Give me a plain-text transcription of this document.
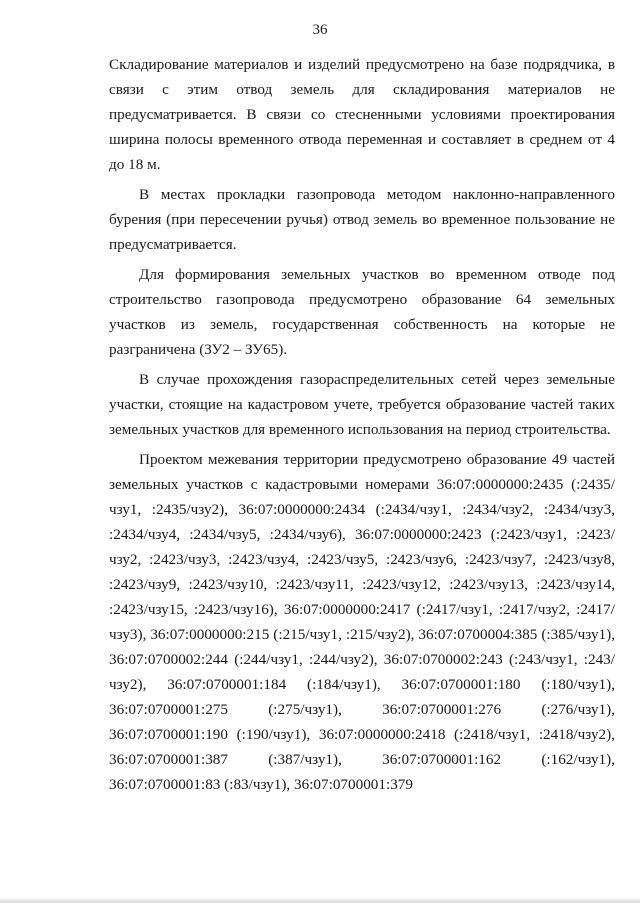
36

Складирование материалов и изделий предусмотрено на базе подрядчика, в связи с этим отвод земель для складирования материалов не предусматривается. В связи со стесненными условиями проектирования ширина полосы временного отвода переменная и составляет в среднем от 4 до 18 м.

В местах прокладки газопровода методом наклонно-направленного бурения (при пересечении ручья) отвод земель во временное пользование не предусматривается.

Для формирования земельных участков во временном отводе под строительство газопровода предусмотрено образование 64 земельных участков из земель, государственная собственность на которые не разграничена (ЗУ2 – ЗУ65).

В случае прохождения газораспределительных сетей через земельные участки, стоящие на кадастровом учете, требуется образование частей таких земельных участков для временного использования на период строительства.

Проектом межевания территории предусмотрено образование 49 частей земельных участков с кадастровыми номерами 36:07:0000000:2435 (:2435/чзу1, :2435/чзу2), 36:07:0000000:2434 (:2434/чзу1, :2434/чзу2, :2434/чзу3, :2434/чзу4, :2434/чзу5, :2434/чзу6), 36:07:0000000:2423 (:2423/чзу1, :2423/чзу2, :2423/чзу3, :2423/чзу4, :2423/чзу5, :2423/чзу6, :2423/чзу7, :2423/чзу8, :2423/чзу9, :2423/чзу10, :2423/чзу11, :2423/чзу12, :2423/чзу13, :2423/чзу14, :2423/чзу15, :2423/чзу16), 36:07:0000000:2417 (:2417/чзу1, :2417/чзу2, :2417/чзу3), 36:07:0000000:215 (:215/чзу1, :215/чзу2), 36:07:0700004:385 (:385/чзу1), 36:07:0700002:244 (:244/чзу1, :244/чзу2), 36:07:0700002:243 (:243/чзу1, :243/чзу2), 36:07:0700001:184 (:184/чзу1), 36:07:0700001:180 (:180/чзу1), 36:07:0700001:275 (:275/чзу1), 36:07:0700001:276 (:276/чзу1), 36:07:0700001:190 (:190/чзу1), 36:07:0000000:2418 (:2418/чзу1, :2418/чзу2), 36:07:0700001:387 (:387/чзу1), 36:07:0700001:162 (:162/чзу1), 36:07:0700001:83 (:83/чзу1), 36:07:0700001:379
